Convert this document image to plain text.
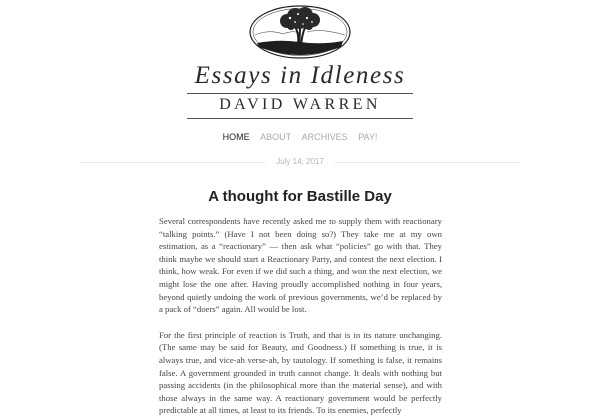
Essays in Idleness
DAVID WARREN
HOME ABOUT ARCHIVES PAY!
July 14, 2017
A thought for Bastille Day

Several correspondents have recently asked me to supply them with reactionary “talking points.” (Have I not been doing so?) They take me at my own estimation, as a “reactionary” — then ask what “policies” go with that. They think maybe we should start a Reactionary Party, and contest the next election. I think, how weak. For even if we did such a thing, and won the next election, we might lose the one after. Having proudly accomplished nothing in four years, beyond quietly undoing the work of previous governments, we’d be replaced by a pack of “doers” again. All would be lost.

For the first principle of reaction is Truth, and that is in its nature unchanging. (The same may be said for Beauty, and Goodness.) If something is true, it is always true, and vice-ah verse-ah, by tautology. If something is false, it remains false. A government grounded in truth cannot change. It deals with nothing but passing accidents (in the philosophical more than the material sense), and with those always in the same way. A reactionary government would be perfectly predictable at all times, at least to its friends. To its enemies, perfectly
